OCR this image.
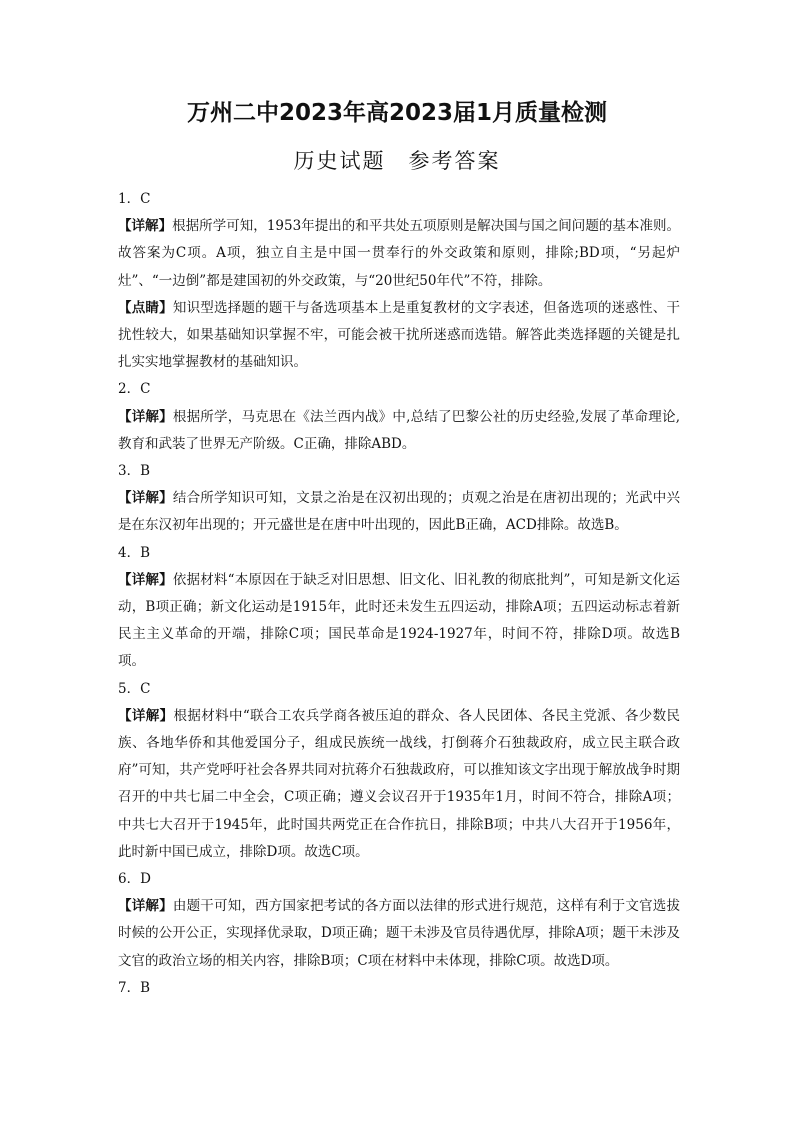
万州二中2023年高2023届1月质量检测
历史试题　参考答案
1．C
【详解】根据所学可知，1953年提出的和平共处五项原则是解决国与国之间问题的基本准则。故答案为C项。A项，独立自主是中国一贯奉行的外交政策和原则，排除;BD项，“另起炉灶”、“一边倒”都是建国初的外交政策，与“20世纪50年代”不符，排除。
【点睛】知识型选择题的题干与备选项基本上是重复教材的文字表述，但备选项的迷惑性、干扰性较大，如果基础知识掌握不牢，可能会被干扰所迷惑而选错。解答此类选择题的关键是扎扎实实地掌握教材的基础知识。
2．C
【详解】根据所学，马克思在《法兰西内战》中,总结了巴黎公社的历史经验,发展了革命理论,教育和武装了世界无产阶级。C正确，排除ABD。
3．B
【详解】结合所学知识可知，文景之治是在汉初出现的；贞观之治是在唐初出现的；光武中兴是在东汉初年出现的；开元盛世是在唐中叶出现的，因此B正确，ACD排除。故选B。
4．B
【详解】依据材料“本原因在于缺乏对旧思想、旧文化、旧礼教的彻底批判”，可知是新文化运动，B项正确；新文化运动是1915年，此时还未发生五四运动，排除A项；五四运动标志着新民主主义革命的开端，排除C项；国民革命是1924-1927年，时间不符，排除D项。故选B项。
5．C
【详解】根据材料中“联合工农兵学商各被压迫的群众、各人民团体、各民主党派、各少数民族、各地华侨和其他爱国分子，组成民族统一战线，打倒蒋介石独裁政府，成立民主联合政府”可知，共产党呼吁社会各界共同对抗蒋介石独裁政府，可以推知该文字出现于解放战争时期召开的中共七届二中全会，C项正确；遵义会议召开于1935年1月，时间不符合，排除A项；中共七大召开于1945年，此时国共两党正在合作抗日，排除B项；中共八大召开于1956年，此时新中国已成立，排除D项。故选C项。
6．D
【详解】由题干可知，西方国家把考试的各方面以法律的形式进行规范，这样有利于文官选拔时候的公开公正，实现择优录取，D项正确；题干未涉及官员待遇优厚，排除A项；题干未涉及文官的政治立场的相关内容，排除B项；C项在材料中未体现，排除C项。故选D项。
7．B
